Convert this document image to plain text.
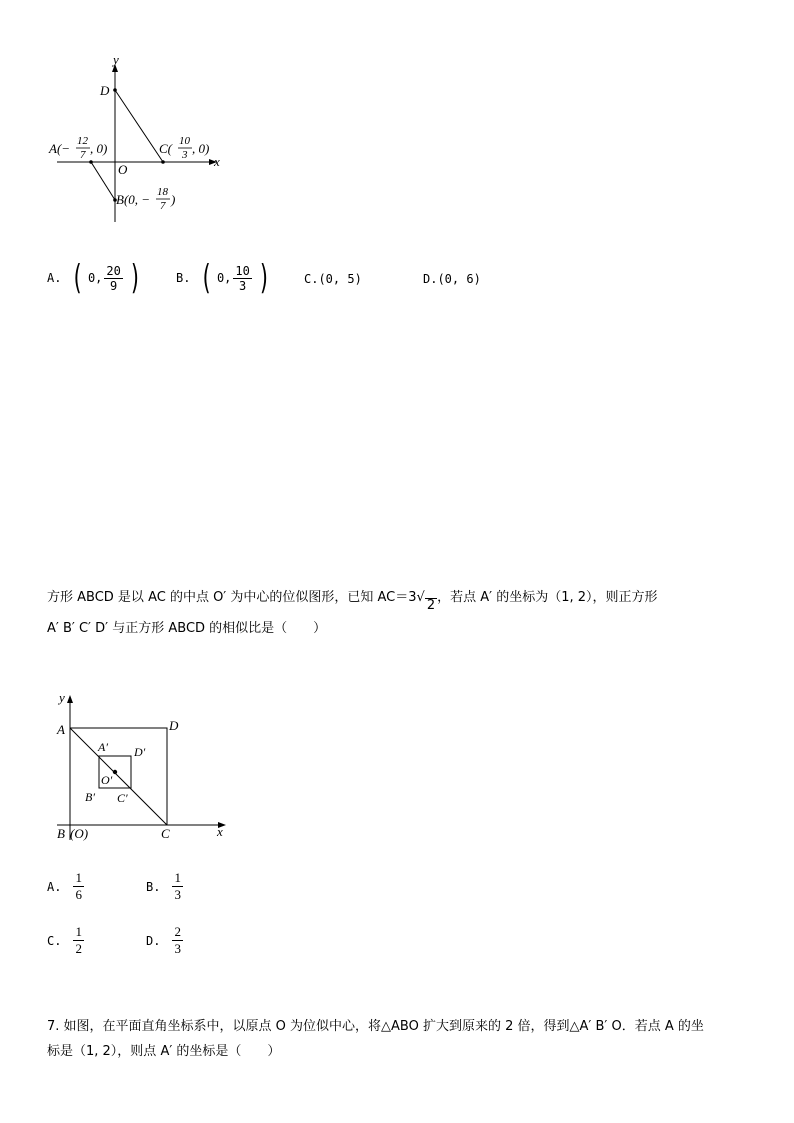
y
x
D
O
A(− 12
7 , 0)	C( 10
3 , 0)
B(0, − 18
7 )
A. ( 0, $\frac{20}{9}$ )	B. ( 0, $\frac{10}{3}$ )	C.(0, 5)	D.(0, 6)
方形 ABCD 是以 AC 的中点 O′ 为中心的位似图形，已知 AC＝3 √
2
，若点 A′ 的坐标为（1, 2），则正方形
A′ B′ C′ D′ 与正方形 ABCD 的相似比是（　　）
y
x
A	D
B (O)	C
A′ D′
O′
B′ C′
A. $\frac{1}{6}$	B. $\frac{1}{3}$
C. $\frac{1}{2}$	D. $\frac{2}{3}$
7. 如图，在平面直角坐标系中，以原点 O 为位似中心，将△ABO 扩大到原来的 2 倍，得到△A′ B′ O．若点 A 的坐
标是（1, 2），则点 A′ 的坐标是（　　）
